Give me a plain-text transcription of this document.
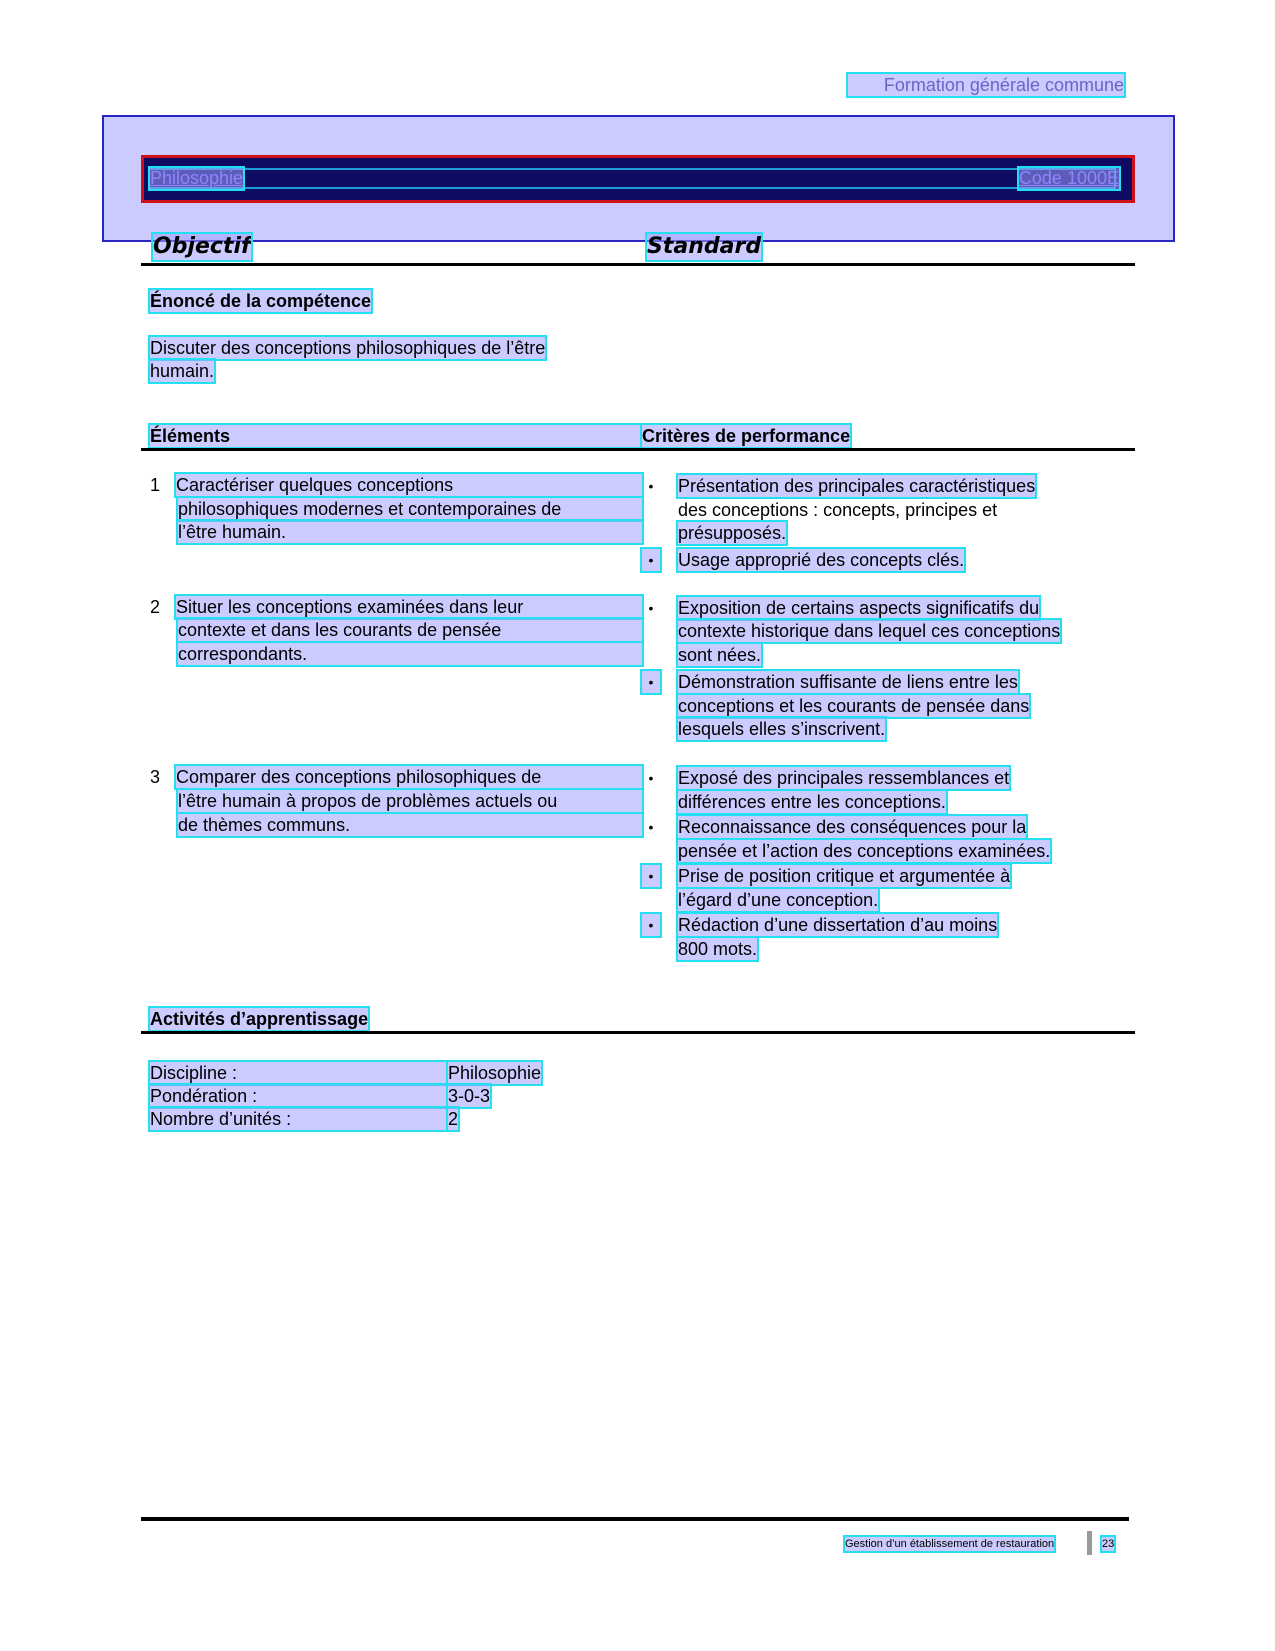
Formation générale commune
Philosophie	Code 1000E
Objectif	Standard
Énoncé de la compétence
Discuter des conceptions philosophiques de l’être
humain.
Éléments	Critères de performance
1 Caractériser quelques conceptions
philosophiques modernes et contemporaines de
l’être humain.
•	Présentation des principales caractéristiques
des conceptions : concepts, principes et
présupposés.
•	Usage approprié des concepts clés.
2 Situer les conceptions examinées dans leur
contexte et dans les courants de pensée
correspondants.
•	Exposition de certains aspects significatifs du
contexte historique dans lequel ces conceptions
sont nées.
•	Démonstration suffisante de liens entre les
conceptions et les courants de pensée dans
lesquels elles s’inscrivent.
3 Comparer des conceptions philosophiques de
l’être humain à propos de problèmes actuels ou
de thèmes communs.
•	Exposé des principales ressemblances et
différences entre les conceptions.
•	Reconnaissance des conséquences pour la
pensée et l’action des conceptions examinées.
•	Prise de position critique et argumentée à
l’égard d’une conception.
•	Rédaction d’une dissertation d’au moins
800 mots.
Activités d’apprentissage
Discipline :	Philosophie
Pondération :	3-0-3
Nombre d’unités :	2
Gestion d’un établissement de restauration	23
